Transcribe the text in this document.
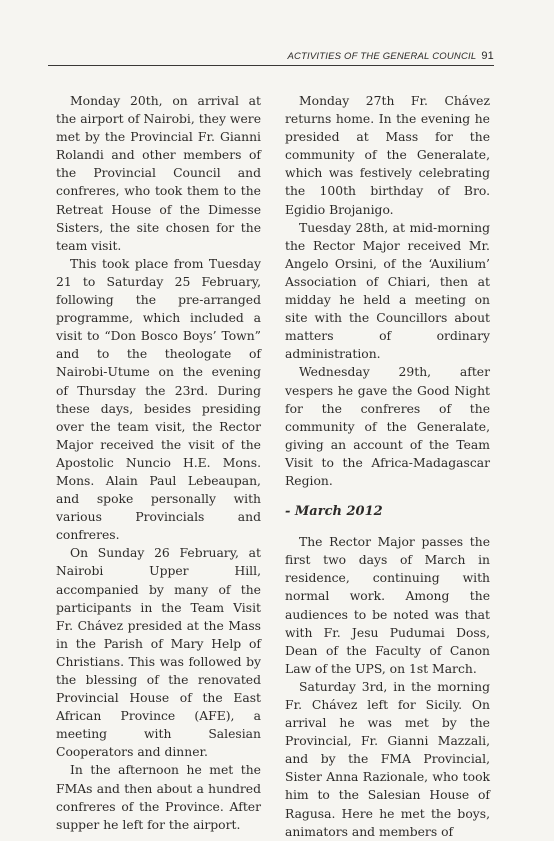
ACTIVITIES OF THE GENERAL COUNCIL 91

Monday 20th, on arrival at the airport of Nairobi, they were met by the Provincial Fr. Gianni Rolandi and other members of the Provincial Council and confreres, who took them to the Retreat House of the Dimesse Sisters, the site chosen for the team visit.

This took place from Tuesday 21 to Saturday 25 February, following the pre-arranged programme, which included a visit to “Don Bosco Boys’ Town” and to the theologate of Nairobi-Utume on the evening of Thursday the 23rd. During these days, besides presiding over the team visit, the Rector Major received the visit of the Apostolic Nuncio H.E. Mons. Mons. Alain Paul Lebeaupan, and spoke personally with various Provincials and confreres.

On Sunday 26 February, at Nairobi Upper Hill, accompanied by many of the participants in the Team Visit Fr. Chávez presided at the Mass in the Parish of Mary Help of Christians. This was followed by the blessing of the renovated Provincial House of the East African Province (AFE), a meeting with Salesian Cooperators and dinner.

In the afternoon he met the FMAs and then about a hundred confreres of the Province. After supper he left for the airport.

Monday 27th Fr. Chávez returns home. In the evening he presided at Mass for the community of the Generalate, which was festively celebrating the 100th birthday of Bro. Egidio Brojanigo.

Tuesday 28th, at mid-morning the Rector Major received Mr. Angelo Orsini, of the ‘Auxilium’ Association of Chiari, then at midday he held a meeting on site with the Councillors about matters of ordinary administration.

Wednesday 29th, after vespers he gave the Good Night for the confreres of the community of the Generalate, giving an account of the Team Visit to the Africa-Madagascar Region.

- March 2012

The Rector Major passes the first two days of March in residence, continuing with normal work. Among the audiences to be noted was that with Fr. Jesu Pudumai Doss, Dean of the Faculty of Canon Law of the UPS, on 1st March.

Saturday 3rd, in the morning Fr. Chávez left for Sicily. On arrival he was met by the Provincial, Fr. Gianni Mazzali, and by the FMA Provincial, Sister Anna Razionale, who took him to the Salesian House of Ragusa. Here he met the boys, animators and members of
